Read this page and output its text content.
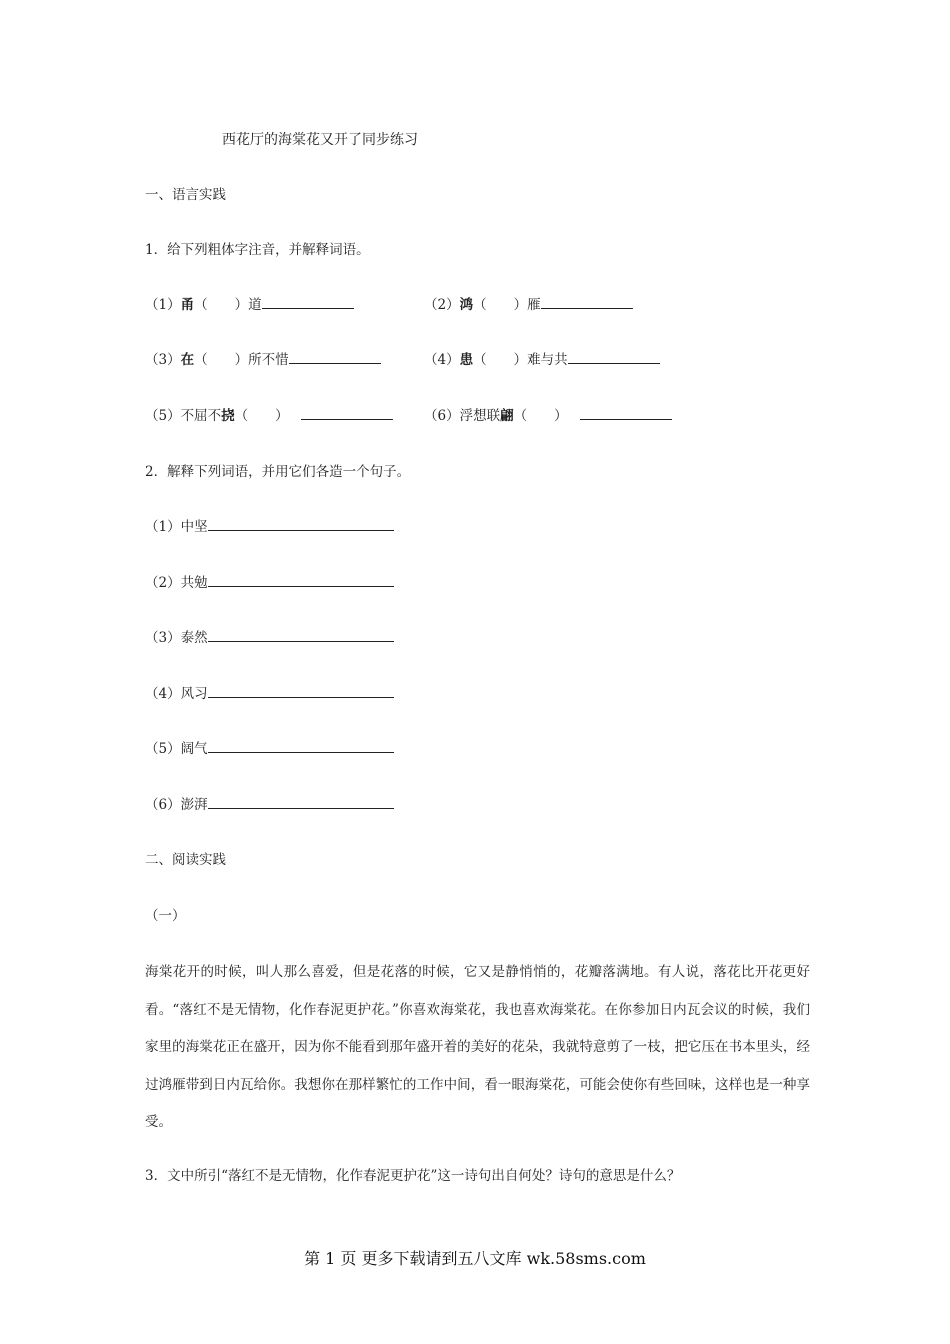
西花厅的海棠花又开了同步练习
一、语言实践
1．给下列粗体字注音，并解释词语。
（1）甬（　　）道	（2）鸿（　　）雁
（3）在（　　）所不惜	（4）患（　　）难与共
（5）不屈不挠（　　）	（6）浮想联翩（　　）
2．解释下列词语，并用它们各造一个句子。
（1）中坚
（2）共勉
（3）泰然
（4）风习
（5）阔气
（6）澎湃
二、阅读实践
（一）
海棠花开的时候，叫人那么喜爱，但是花落的时候，它又是静悄悄的，花瓣落满地。有人说，落花比开花更好看。“落红不是无情物，化作春泥更护花。”你喜欢海棠花，我也喜欢海棠花。在你参加日内瓦会议的时候，我们家里的海棠花正在盛开，因为你不能看到那年盛开着的美好的花朵，我就特意剪了一枝，把它压在书本里头，经过鸿雁带到日内瓦给你。我想你在那样繁忙的工作中间，看一眼海棠花，可能会使你有些回味，这样也是一种享受。
3．文中所引“落红不是无情物，化作春泥更护花”这一诗句出自何处？诗句的意思是什么？
第 1 页 更多下载请到五八文库 wk.58sms.com
